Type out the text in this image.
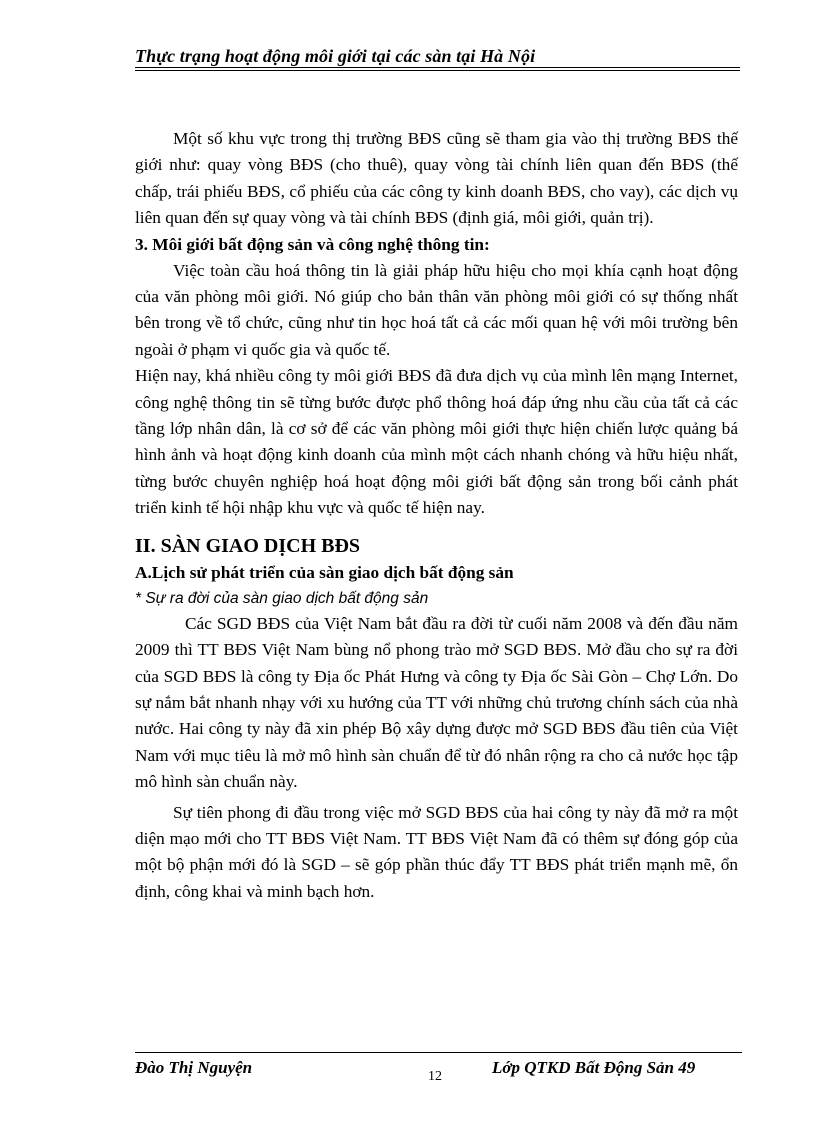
Thực trạng hoạt động môi giới tại các sàn tại Hà Nội

Một số khu vực trong thị trường BĐS cũng sẽ tham gia vào thị trường BĐS thế giới như: quay vòng BĐS (cho thuê), quay vòng tài chính liên quan đến BĐS (thế chấp, trái phiếu BĐS, cổ phiếu của các công ty kinh doanh BĐS, cho vay), các dịch vụ liên quan đến sự quay vòng và tài chính BĐS (định giá, môi giới, quản trị).

3. Môi giới bất động sản và công nghệ thông tin:

Việc toàn cầu hoá thông tin là giải pháp hữu hiệu cho mọi khía cạnh hoạt động của văn phòng môi giới. Nó giúp cho bản thân văn phòng môi giới có sự thống nhất bên trong về tổ chức, cũng như tin học hoá tất cả các mối quan hệ với môi trường bên ngoài ở phạm vi quốc gia và quốc tế.

Hiện nay, khá nhiều công ty môi giới BĐS đã đưa dịch vụ của mình lên mạng Internet, công nghệ thông tin sẽ từng bước được phổ thông hoá đáp ứng nhu cầu của tất cả các tầng lớp nhân dân, là cơ sở để các văn phòng môi giới thực hiện chiến lược quảng bá hình ảnh và hoạt động kinh doanh của mình một cách nhanh chóng và hữu hiệu nhất, từng bước chuyên nghiệp hoá hoạt động môi giới bất động sản trong bối cảnh phát triển kinh tế hội nhập khu vực và quốc tế hiện nay.

II. SÀN GIAO DỊCH BĐS
A.Lịch sử phát triển của sàn giao dịch bất động sản
* Sự ra đời của sàn giao dịch bất động sản

Các SGD BĐS của Việt Nam bắt đầu ra đời từ cuối năm 2008 và đến đầu năm 2009 thì TT BĐS Việt Nam bùng nổ phong trào mở SGD BĐS. Mở đầu cho sự ra đời của SGD BĐS là công ty Địa ốc Phát Hưng và công ty Địa ốc Sài Gòn – Chợ Lớn. Do sự nắm bắt nhanh nhạy với xu hướng của TT với những chủ trương chính sách của nhà nước. Hai công ty này đã xin phép Bộ xây dựng được mở SGD BĐS đầu tiên của Việt Nam với mục tiêu là mở mô hình sàn chuẩn để từ đó nhân rộng ra cho cả nước học tập mô hình sàn chuẩn này.

Sự tiên phong đi đầu trong việc mở SGD BĐS của hai công ty này đã mở ra một diện mạo mới cho TT BĐS Việt Nam. TT BĐS Việt Nam đã có thêm sự đóng góp của một bộ phận mới đó là SGD – sẽ góp phần thúc đẩy TT BĐS phát triển mạnh mẽ, ổn định, công khai và minh bạch hơn.

Đào Thị Nguyện	12	Lớp QTKD Bất Động Sản 49
